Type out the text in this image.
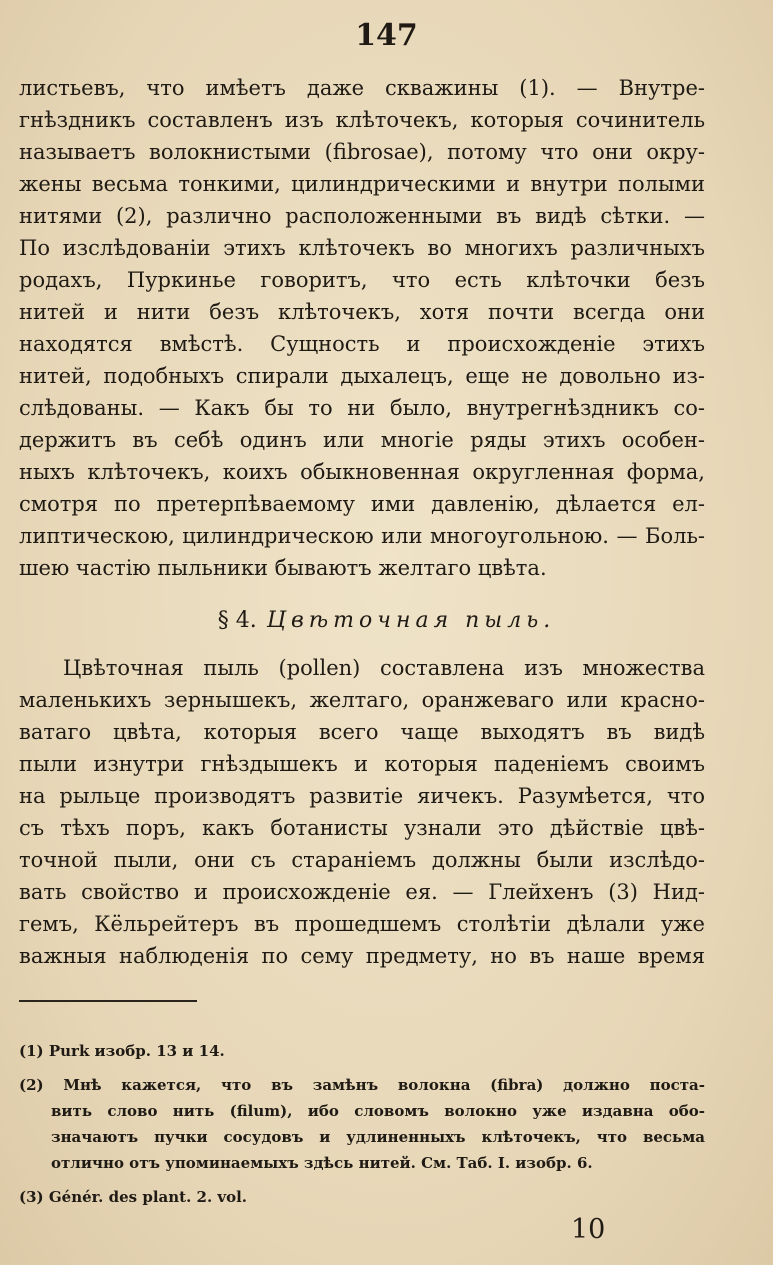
147
листьевъ, что имѣетъ даже скважины (1). — Внутре-
гнѣздникъ составленъ изъ клѣточекъ, которыя сочинитель
называетъ волокнистыми (fibrosae), потому что они окру-
жены весьма тонкими, цилиндрическими и внутри полыми
нитями (2), различно расположенными въ видѣ сѣтки. —
По изслѣдованіи этихъ клѣточекъ во многихъ различныхъ
родахъ, Пуркинье говоритъ, что есть клѣточки безъ
нитей и нити безъ клѣточекъ, хотя почти всегда они
находятся вмѣстѣ. Сущность и происхожденіе этихъ
нитей, подобныхъ спирали дыхалецъ, еще не довольно из-
слѣдованы. — Какъ бы то ни было, внутрегнѣздникъ со-
держитъ въ себѣ одинъ или многіе ряды этихъ особен-
ныхъ клѣточекъ, коихъ обыкновенная округленная форма,
смотря по претерпѣваемому ими давленію, дѣлается ел-
липтическою, цилиндрическою или многоугольною. — Боль-
шею частію пыльники бываютъ желтаго цвѣта.
§ 4. Цвѣточная пыль.
Цвѣточная пыль (pollen) составлена изъ множества
маленькихъ зернышекъ, желтаго, оранжеваго или красно-
ватаго цвѣта, которыя всего чаще выходятъ въ видѣ
пыли изнутри гнѣздышекъ и которыя паденіемъ своимъ
на рыльце производятъ развитіе яичекъ. Разумѣется, что
съ тѣхъ поръ, какъ ботанисты узнали это дѣйствіе цвѣ-
точной пыли, они съ стараніемъ должны были изслѣдо-
вать свойство и происхожденіе ея. — Глейхенъ (3) Нид-
гемъ, Кёльрейтеръ въ прошедшемъ столѣтіи дѣлали уже
важныя наблюденія по сему предмету, но въ наше время
(1) Purk изобр. 13 и 14.
(2) Мнѣ кажется, что въ замѣнъ волокна (fibra) должно поста-
вить слово нить (filum), ибо словомъ волокно уже издавна обо-
значаютъ пучки сосудовъ и удлиненныхъ клѣточекъ, что весьма
отлично отъ упоминаемыхъ здѣсь нитей. См. Таб. I. изобр. 6.
(3) Génér. des plant. 2. vol.
10
